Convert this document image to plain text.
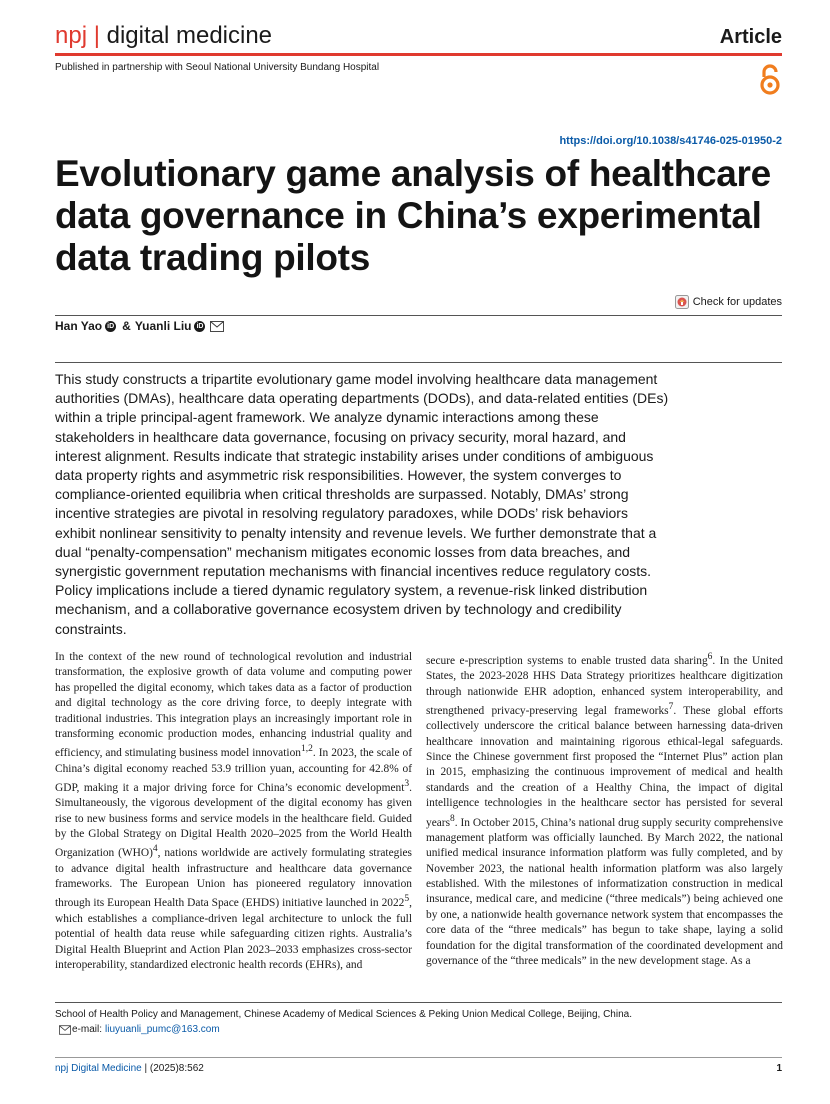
npj | digital medicine	Article
Published in partnership with Seoul National University Bundang Hospital
https://doi.org/10.1038/s41746-025-01950-2
Evolutionary game analysis of healthcare data governance in China’s experimental data trading pilots
Check for updates
Han Yao iD & Yuanli Liu iD

This study constructs a tripartite evolutionary game model involving healthcare data management authorities (DMAs), healthcare data operating departments (DODs), and data-related entities (DEs) within a triple principal-agent framework. We analyze dynamic interactions among these stakeholders in healthcare data governance, focusing on privacy security, moral hazard, and interest alignment. Results indicate that strategic instability arises under conditions of ambiguous data property rights and asymmetric risk responsibilities. However, the system converges to compliance-oriented equilibria when critical thresholds are surpassed. Notably, DMAs’ strong incentive strategies are pivotal in resolving regulatory paradoxes, while DODs’ risk behaviors exhibit nonlinear sensitivity to penalty intensity and revenue levels. We further demonstrate that a dual “penalty-compensation” mechanism mitigates economic losses from data breaches, and synergistic government reputation mechanisms with financial incentives reduce regulatory costs. Policy implications include a tiered dynamic regulatory system, a revenue-risk linked distribution mechanism, and a collaborative governance ecosystem driven by technology and credibility constraints.

In the context of the new round of technological revolution and industrial transformation, the explosive growth of data volume and computing power has propelled the digital economy, which takes data as a factor of production and digital technology as the core driving force, to deeply integrate with traditional industries. This integration plays an increasingly important role in transforming economic production modes, enhancing industrial quality and efficiency, and stimulating business model innovation$^{1,2}$. In 2023, the scale of China’s digital economy reached 53.9 trillion yuan, accounting for 42.8% of GDP, making it a major driving force for China’s economic development$^3$. Simultaneously, the vigorous development of the digital economy has given rise to new business forms and service models in the healthcare field. Guided by the Global Strategy on Digital Health 2020–2025 from the World Health Organization (WHO)$^4$, nations worldwide are actively formulating strategies to advance digital health infrastructure and healthcare data governance frameworks. The European Union has pioneered regulatory innovation through its European Health Data Space (EHDS) initiative launched in 2022$^5$, which establishes a compliance-driven legal architecture to unlock the full potential of health data reuse while safeguarding citizen rights. Australia’s Digital Health Blueprint and Action Plan 2023–2033 emphasizes cross-sector interoperability, standardized electronic health records (EHRs), and
secure e-prescription systems to enable trusted data sharing$^6$. In the United States, the 2023-2028 HHS Data Strategy prioritizes healthcare digitization through nationwide EHR adoption, enhanced system interoperability, and strengthened privacy-preserving legal frameworks$^7$. These global efforts collectively underscore the critical balance between harnessing data-driven healthcare innovation and maintaining rigorous ethical-legal safeguards. Since the Chinese government first proposed the “Internet Plus” action plan in 2015, emphasizing the continuous improvement of medical and health standards and the creation of a Healthy China, the impact of digital intelligence technologies in the healthcare sector has persisted for several years$^8$. In October 2015, China’s national drug supply security comprehensive management platform was officially launched. By March 2022, the national unified medical insurance information platform was fully completed, and by November 2023, the national health information platform was also largely established. With the milestones of informatization construction in medical insurance, medical care, and medicine (“three medicals”) being achieved one by one, a nationwide health governance network system that encompasses the core data of the “three medicals” has begun to take shape, laying a solid foundation for the digital transformation of the coordinated development and governance of the “three medicals” in the new development stage. As a
School of Health Policy and Management, Chinese Academy of Medical Sciences & Peking Union Medical College, Beijing, China.
e-mail: liuyuanli_pumc@163.com
npj Digital Medicine | (2025)8:562	1
